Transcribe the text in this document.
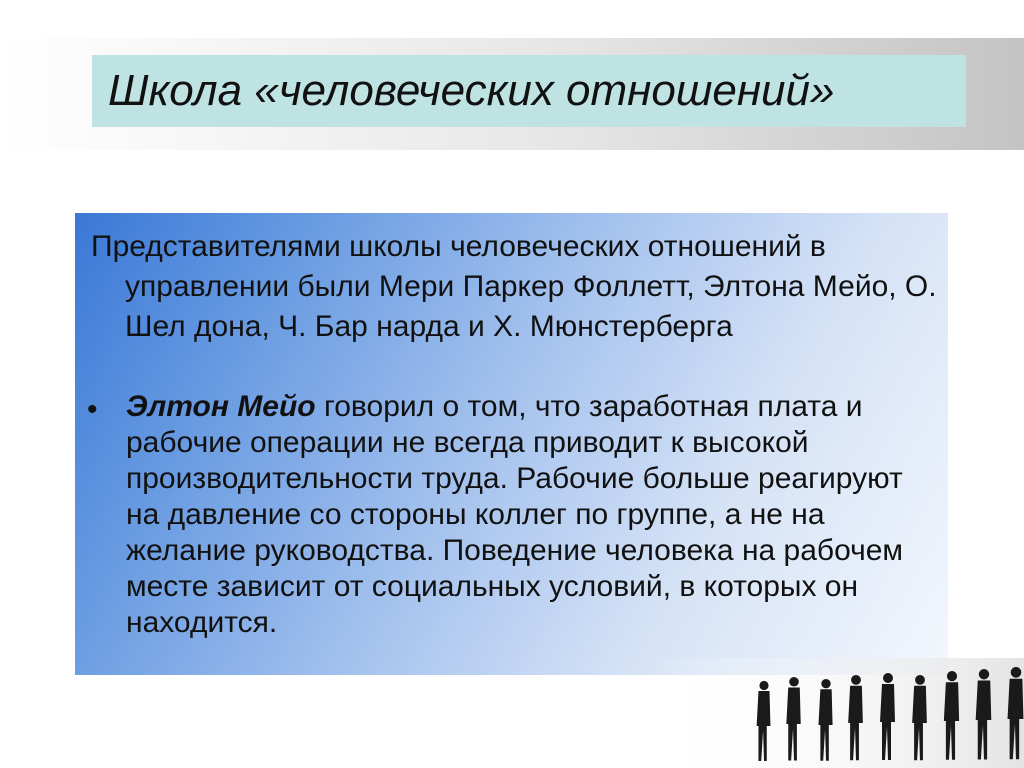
Школа «человеческих отношений»
Представителями школы человеческих отношений в управлении были Мери Паркер Фоллетт, Элтона Мейо, О. Шел дона, Ч. Бар нарда и Х. Мюнстерберга
• Элтон Мейо говорил о том, что заработная плата и рабочие операции не всегда приводит к высокой производительности труда. Рабочие больше реагируют на давление со стороны коллег по группе, а не на желание руководства. Поведение человека на рабочем месте зависит от социальных условий, в которых он находится.
